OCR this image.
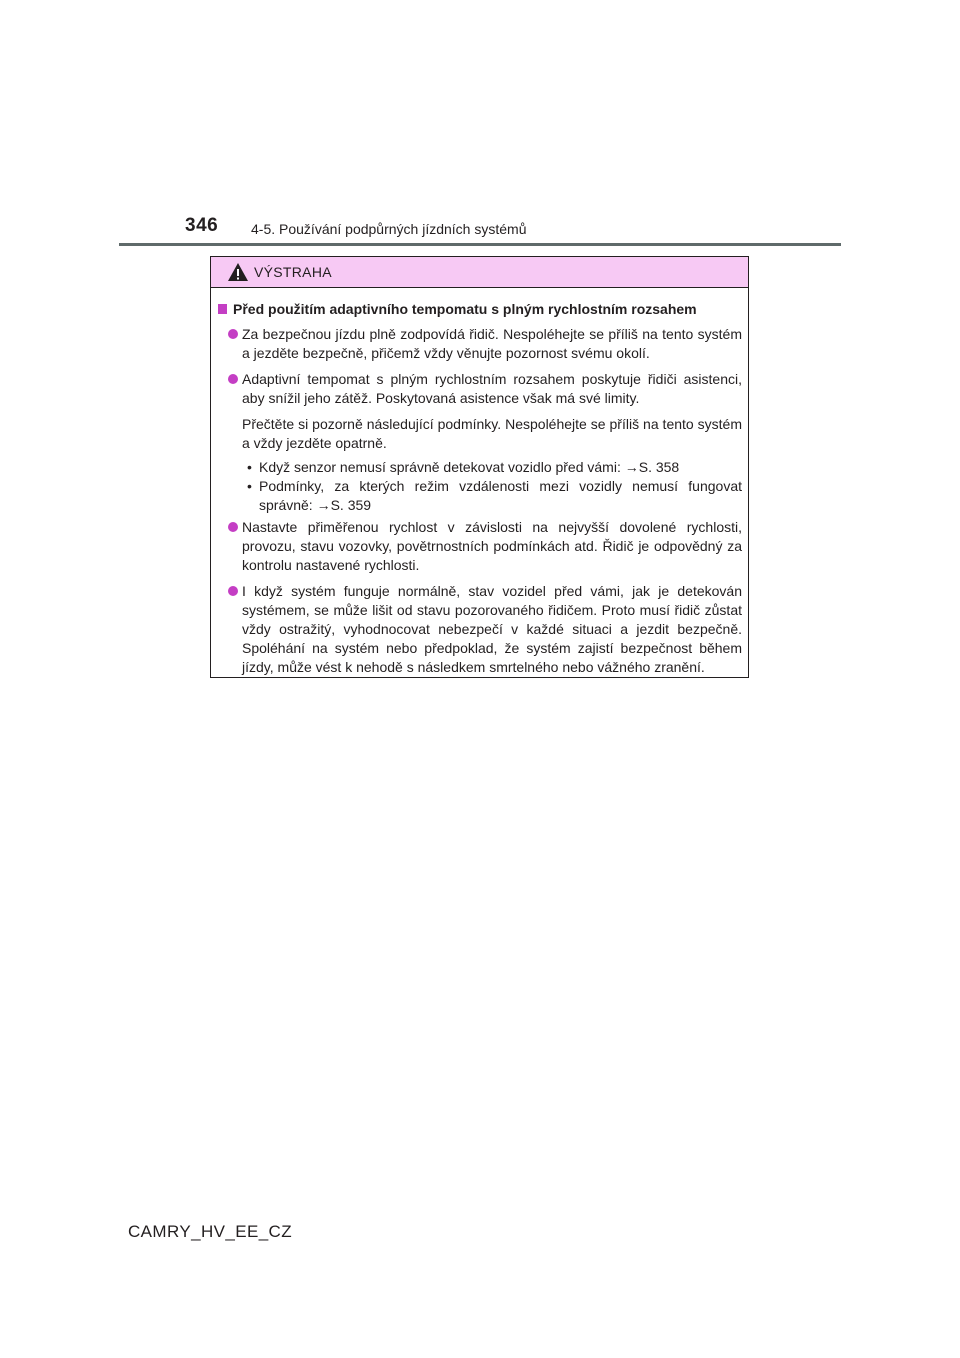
346 4-5. Používání podpůrných jízdních systémů
VÝSTRAHA
Před použitím adaptivního tempomatu s plným rychlostním rozsahem
Za bezpečnou jízdu plně zodpovídá řidič. Nespoléhejte se příliš na tento systém a jezděte bezpečně, přičemž vždy věnujte pozornost svému okolí.
Adaptivní tempomat s plným rychlostním rozsahem poskytuje řidiči asistenci, aby snížil jeho zátěž. Poskytovaná asistence však má své limity.
Přečtěte si pozorně následující podmínky. Nespoléhejte se příliš na tento systém a vždy jezděte opatrně.
• Když senzor nemusí správně detekovat vozidlo před vámi: →S. 358
• Podmínky, za kterých režim vzdálenosti mezi vozidly nemusí fungovat správně: →S. 359
Nastavte přiměřenou rychlost v závislosti na nejvyšší dovolené rychlosti, provozu, stavu vozovky, povětrnostních podmínkách atd. Řidič je odpovědný za kontrolu nastavené rychlosti.
I když systém funguje normálně, stav vozidel před vámi, jak je detekován systémem, se může lišit od stavu pozorovaného řidičem. Proto musí řidič zůstat vždy ostražitý, vyhodnocovat nebezpečí v každé situaci a jezdit bezpečně. Spoléhání na systém nebo předpoklad, že systém zajistí bezpečnost během jízdy, může vést k nehodě s následkem smrtelného nebo vážného zranění.
CAMRY_HV_EE_CZ
